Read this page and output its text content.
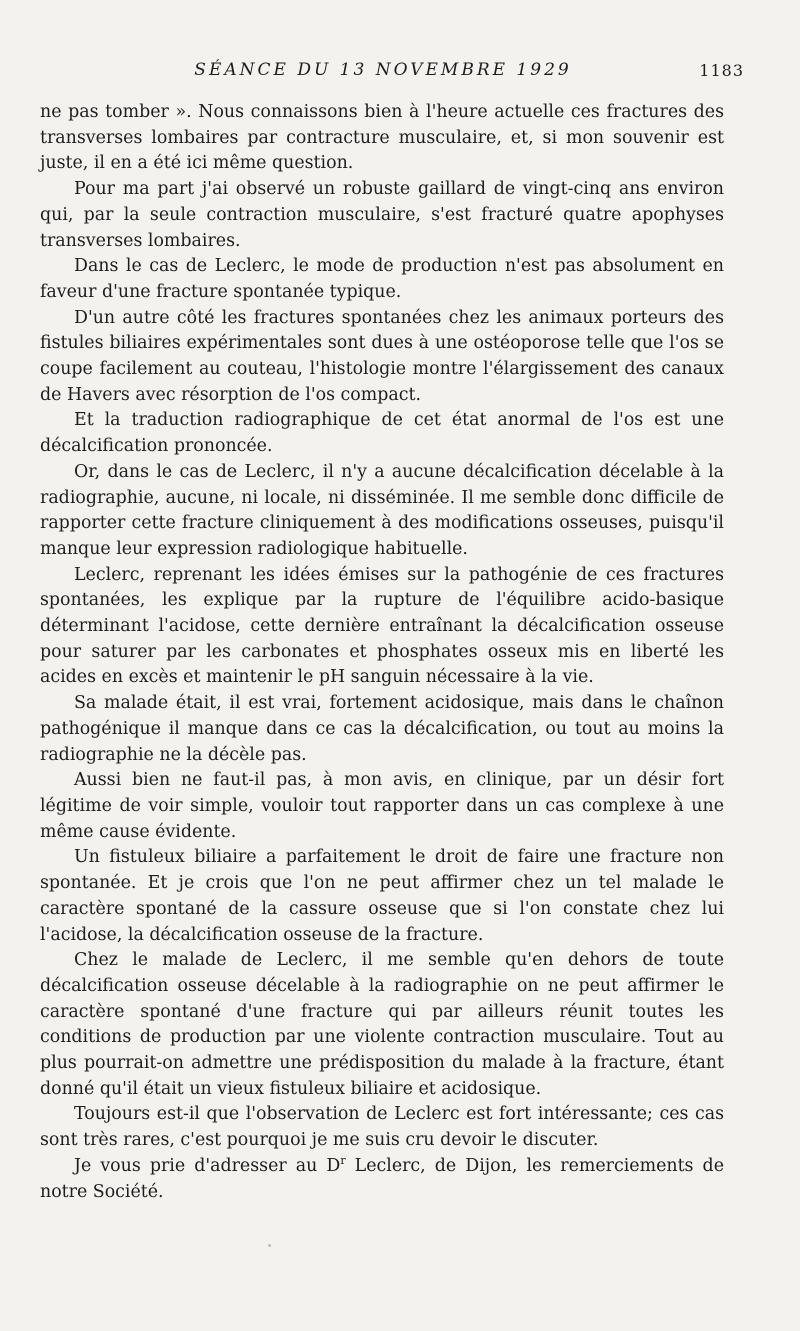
SÉANCE DU 13 NOVEMBRE 1929	1183

ne pas tomber ». Nous connaissons bien à l'heure actuelle ces fractures des transverses lombaires par contracture musculaire, et, si mon souvenir est juste, il en a été ici même question.

Pour ma part j'ai observé un robuste gaillard de vingt-cinq ans environ qui, par la seule contraction musculaire, s'est fracturé quatre apophyses transverses lombaires.

Dans le cas de Leclerc, le mode de production n'est pas absolument en faveur d'une fracture spontanée typique.

D'un autre côté les fractures spontanées chez les animaux porteurs des fistules biliaires expérimentales sont dues à une ostéoporose telle que l'os se coupe facilement au couteau, l'histologie montre l'élargissement des canaux de Havers avec résorption de l'os compact.

Et la traduction radiographique de cet état anormal de l'os est une décalcification prononcée.

Or, dans le cas de Leclerc, il n'y a aucune décalcification décelable à la radiographie, aucune, ni locale, ni disséminée. Il me semble donc difficile de rapporter cette fracture cliniquement à des modifications osseuses, puisqu'il manque leur expression radiologique habituelle.

Leclerc, reprenant les idées émises sur la pathogénie de ces fractures spontanées, les explique par la rupture de l'équilibre acido-basique déterminant l'acidose, cette dernière entraînant la décalcification osseuse pour saturer par les carbonates et phosphates osseux mis en liberté les acides en excès et maintenir le pH sanguin nécessaire à la vie.

Sa malade était, il est vrai, fortement acidosique, mais dans le chaînon pathogénique il manque dans ce cas la décalcification, ou tout au moins la radiographie ne la décèle pas.

Aussi bien ne faut-il pas, à mon avis, en clinique, par un désir fort légitime de voir simple, vouloir tout rapporter dans un cas complexe à une même cause évidente.

Un fistuleux biliaire a parfaitement le droit de faire une fracture non spontanée. Et je crois que l'on ne peut affirmer chez un tel malade le caractère spontané de la cassure osseuse que si l'on constate chez lui l'acidose, la décalcification osseuse de la fracture.

Chez le malade de Leclerc, il me semble qu'en dehors de toute décalcification osseuse décelable à la radiographie on ne peut affirmer le caractère spontané d'une fracture qui par ailleurs réunit toutes les conditions de production par une violente contraction musculaire. Tout au plus pourrait-on admettre une prédisposition du malade à la fracture, étant donné qu'il était un vieux fistuleux biliaire et acidosique.

Toujours est-il que l'observation de Leclerc est fort intéressante; ces cas sont très rares, c'est pourquoi je me suis cru devoir le discuter.

Je vous prie d'adresser au $D^r$ Leclerc, de Dijon, les remerciements de notre Société.
